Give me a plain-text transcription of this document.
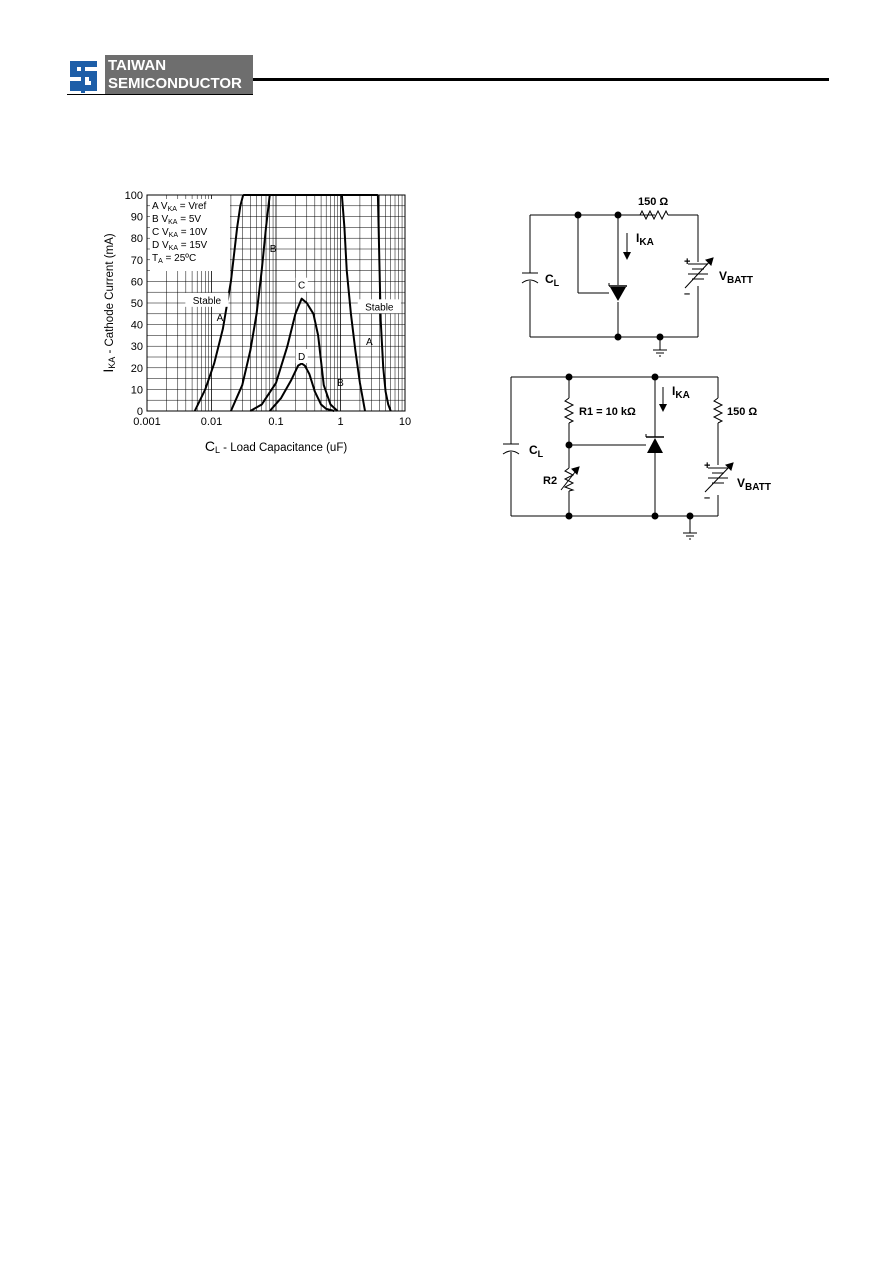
TAIWAN
SEMICONDUCTOR
0
10
20
30
40
50
60
70
80
90
100
0.001	0.01	0.1	1	10
A $V_{KA}$ = Vref
B $V_{KA} = 5V$
C $V_{KA} = 10V$
D $V_{KA} = 15V$
$T_A$ = 25ºC
Stable
A
B
C
D
Stable
A
B
CL - Load Capacitance (uF)
IKA - Cathode Current (mA)
150 Ω
$C_L$
$I_{KA}$
$V_{BATT}$
+
–
R1 = 10 kΩ
R2
150 Ω
$C_L$
$I_{KA}$
$V_{BATT}$
+
–
